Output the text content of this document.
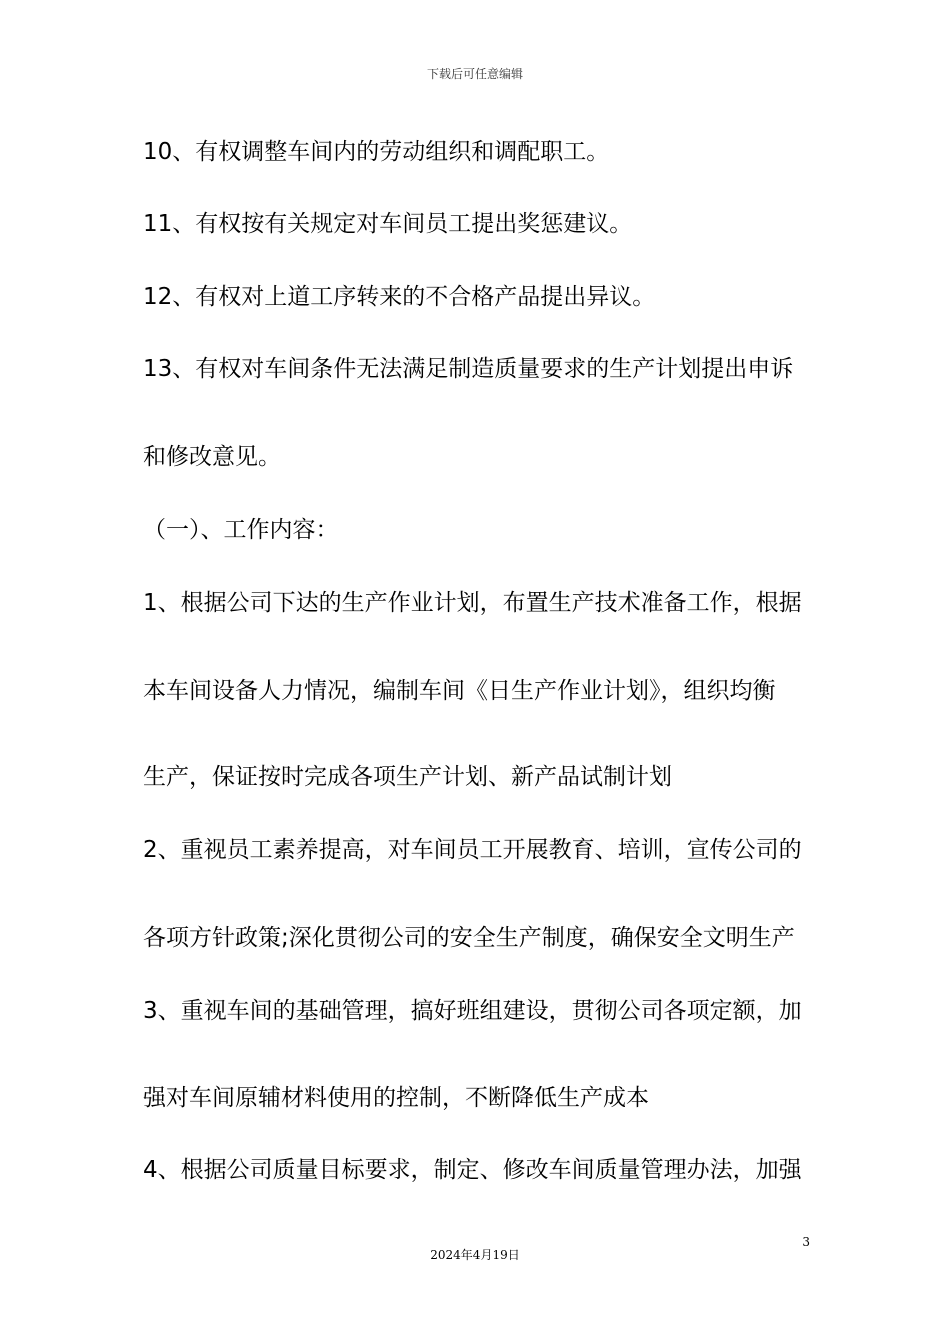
下载后可任意编辑
10、有权调整车间内的劳动组织和调配职工。
11、有权按有关规定对车间员工提出奖惩建议。
12、有权对上道工序转来的不合格产品提出异议。
13、有权对车间条件无法满足制造质量要求的生产计划提出申诉
和修改意见。
（一）、工作内容：
1、根据公司下达的生产作业计划，布置生产技术准备工作，根据
本车间设备人力情况，编制车间《日生产作业计划》，组织均衡
生产，保证按时完成各项生产计划、新产品试制计划
2、重视员工素养提高，对车间员工开展教育、培训，宣传公司的
各项方针政策;深化贯彻公司的安全生产制度，确保安全文明生产
3、重视车间的基础管理，搞好班组建设，贯彻公司各项定额，加
强对车间原辅材料使用的控制，不断降低生产成本
4、根据公司质量目标要求，制定、修改车间质量管理办法，加强
3
2024年4月19日
